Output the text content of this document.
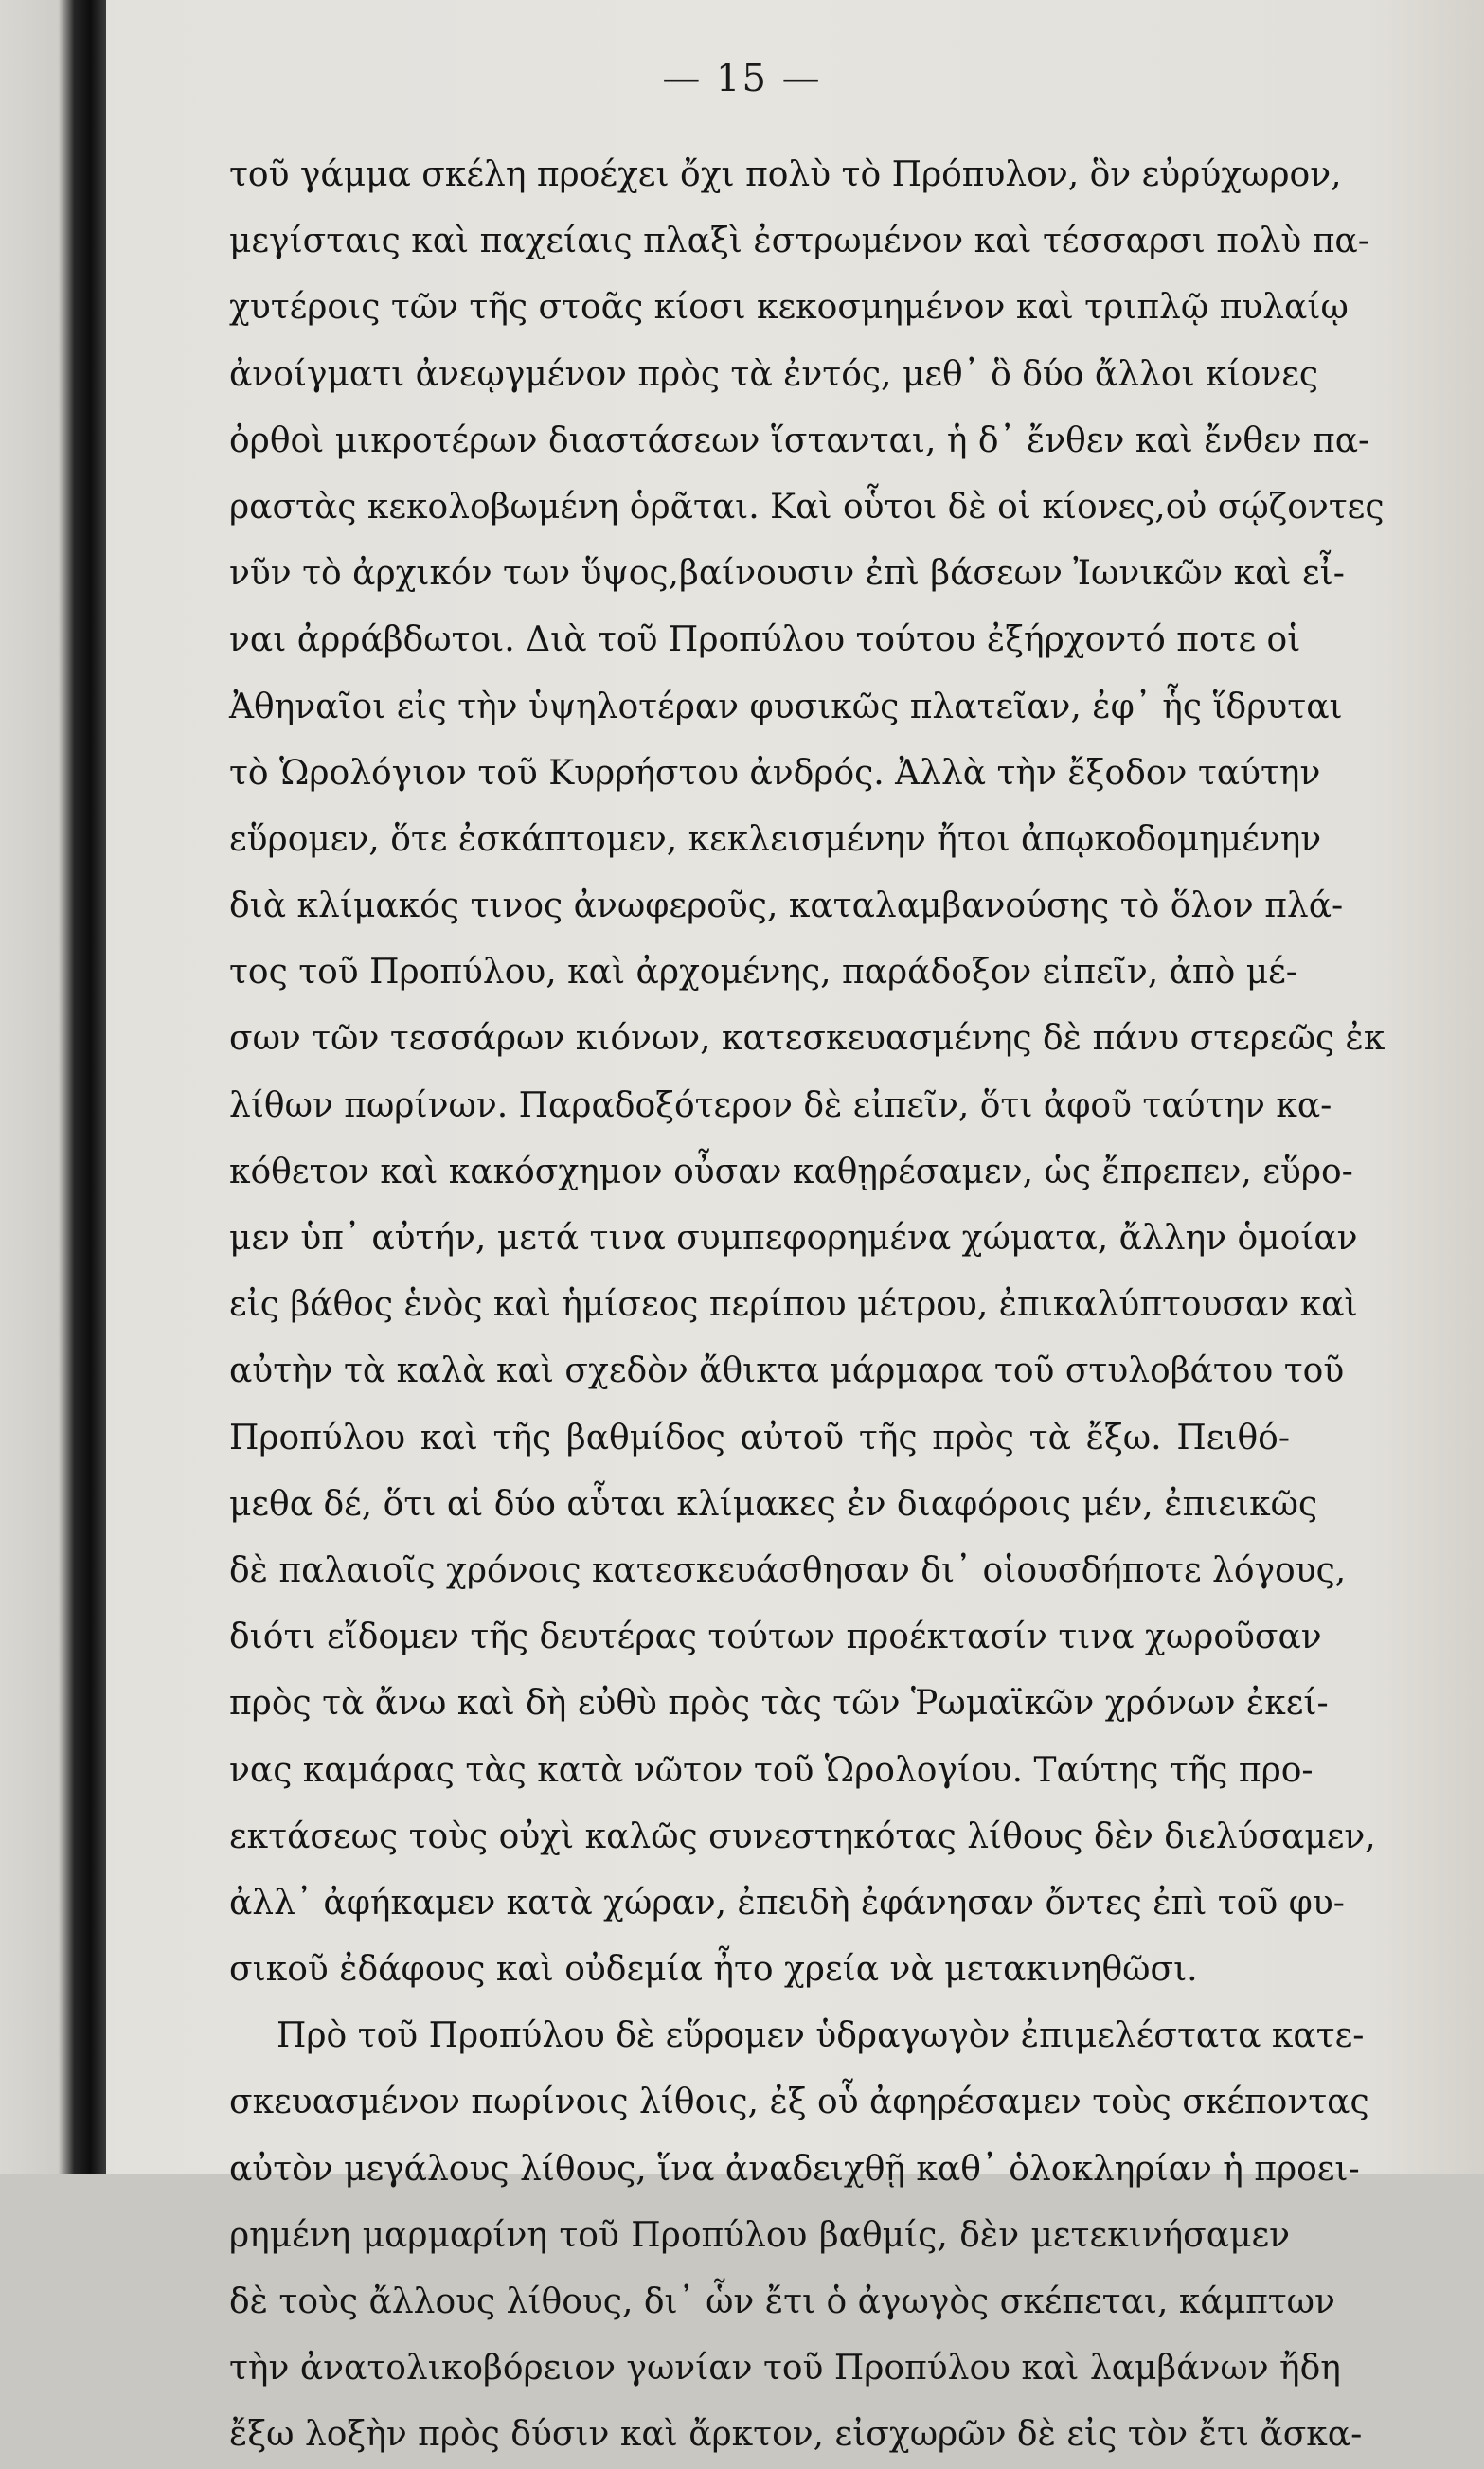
— 15 —
τοῦ γάμμα σκέλη προέχει ὄχι πολὺ τὸ Πρόπυλον, ὃν εὐρύχωρον,
μεγίσταις καὶ παχείαις πλαξὶ ἐστρωμένον καὶ τέσσαρσι πολὺ πα-
χυτέροις τῶν τῆς στοᾶς κίοσι κεκοσμημένον καὶ τριπλῷ πυλαίῳ
ἀνοίγματι ἀνεῳγμένον πρὸς τὰ ἐντός, μεθ᾽ ὃ δύο ἄλλοι κίονες
ὀρθοὶ μικροτέρων διαστάσεων ἵστανται, ἡ δ᾽ ἔνθεν καὶ ἔνθεν πα-
ραστὰς κεκολοβωμένη ὁρᾶται. Καὶ οὗτοι δὲ οἱ κίονες,οὐ σῴζοντες
νῦν τὸ ἀρχικόν των ὕψος,βαίνουσιν ἐπὶ βάσεων Ἰωνικῶν καὶ εἶ-
ναι ἀρράβδωτοι. Διὰ τοῦ Προπύλου τούτου ἐξήρχοντό ποτε οἱ
Ἀθηναῖοι εἰς τὴν ὑψηλοτέραν φυσικῶς πλατεῖαν, ἐφ᾽ ἧς ἵδρυται
τὸ Ὡρολόγιον τοῦ Κυρρήστου ἀνδρός. Ἀλλὰ τὴν ἔξοδον ταύτην
εὕρομεν, ὅτε ἐσκάπτομεν, κεκλεισμένην ἤτοι ἀπῳκοδομημένην
διὰ κλίμακός τινος ἀνωφεροῦς, καταλαμβανούσης τὸ ὅλον πλά-
τος τοῦ Προπύλου, καὶ ἀρχομένης, παράδοξον εἰπεῖν, ἀπὸ μέ-
σων τῶν τεσσάρων κιόνων, κατεσκευασμένης δὲ πάνυ στερεῶς ἐκ
λίθων πωρίνων. Παραδοξότερον δὲ εἰπεῖν, ὅτι ἀφοῦ ταύτην κα-
κόθετον καὶ κακόσχημον οὖσαν καθῃρέσαμεν, ὡς ἔπρεπεν, εὕρο-
μεν ὑπ᾽ αὐτήν, μετά τινα συμπεφορημένα χώματα, ἄλλην ὁμοίαν
εἰς βάθος ἑνὸς καὶ ἡμίσεος περίπου μέτρου, ἐπικαλύπτουσαν καὶ
αὐτὴν τὰ καλὰ καὶ σχεδὸν ἄθικτα μάρμαρα τοῦ στυλοβάτου τοῦ
Προπύλου καὶ τῆς βαθμίδος αὐτοῦ τῆς πρὸς τὰ ἔξω. Πειθό-
μεθα δέ, ὅτι αἱ δύο αὗται κλίμακες ἐν διαφόροις μέν, ἐπιεικῶς
δὲ παλαιοῖς χρόνοις κατεσκευάσθησαν δι᾽ οἱουσδήποτε λόγους,
διότι εἴδομεν τῆς δευτέρας τούτων προέκτασίν τινα χωροῦσαν
πρὸς τὰ ἄνω καὶ δὴ εὐθὺ πρὸς τὰς τῶν Ῥωμαϊκῶν χρόνων ἐκεί-
νας καμάρας τὰς κατὰ νῶτον τοῦ Ὡρολογίου. Ταύτης τῆς προ-
εκτάσεως τοὺς οὐχὶ καλῶς συνεστηκότας λίθους δὲν διελύσαμεν,
ἀλλ᾽ ἀφήκαμεν κατὰ χώραν, ἐπειδὴ ἐφάνησαν ὄντες ἐπὶ τοῦ φυ-
σικοῦ ἐδάφους καὶ οὐδεμία ἦτο χρεία νὰ μετακινηθῶσι.
Πρὸ τοῦ Προπύλου δὲ εὕρομεν ὑδραγωγὸν ἐπιμελέστατα κατε-
σκευασμένον πωρίνοις λίθοις, ἐξ οὗ ἀφηρέσαμεν τοὺς σκέποντας
αὐτὸν μεγάλους λίθους, ἵνα ἀναδειχθῇ καθ᾽ ὁλοκληρίαν ἡ προει-
ρημένη μαρμαρίνη τοῦ Προπύλου βαθμίς, δὲν μετεκινήσαμεν
δὲ τοὺς ἄλλους λίθους, δι᾽ ὧν ἔτι ὁ ἀγωγὸς σκέπεται, κάμπτων
τὴν ἀνατολικοβόρειον γωνίαν τοῦ Προπύλου καὶ λαμβάνων ἤδη
ἔξω λοξὴν πρὸς δύσιν καὶ ἄρκτον, εἰσχωρῶν δὲ εἰς τὸν ἔτι ἄσκα-
